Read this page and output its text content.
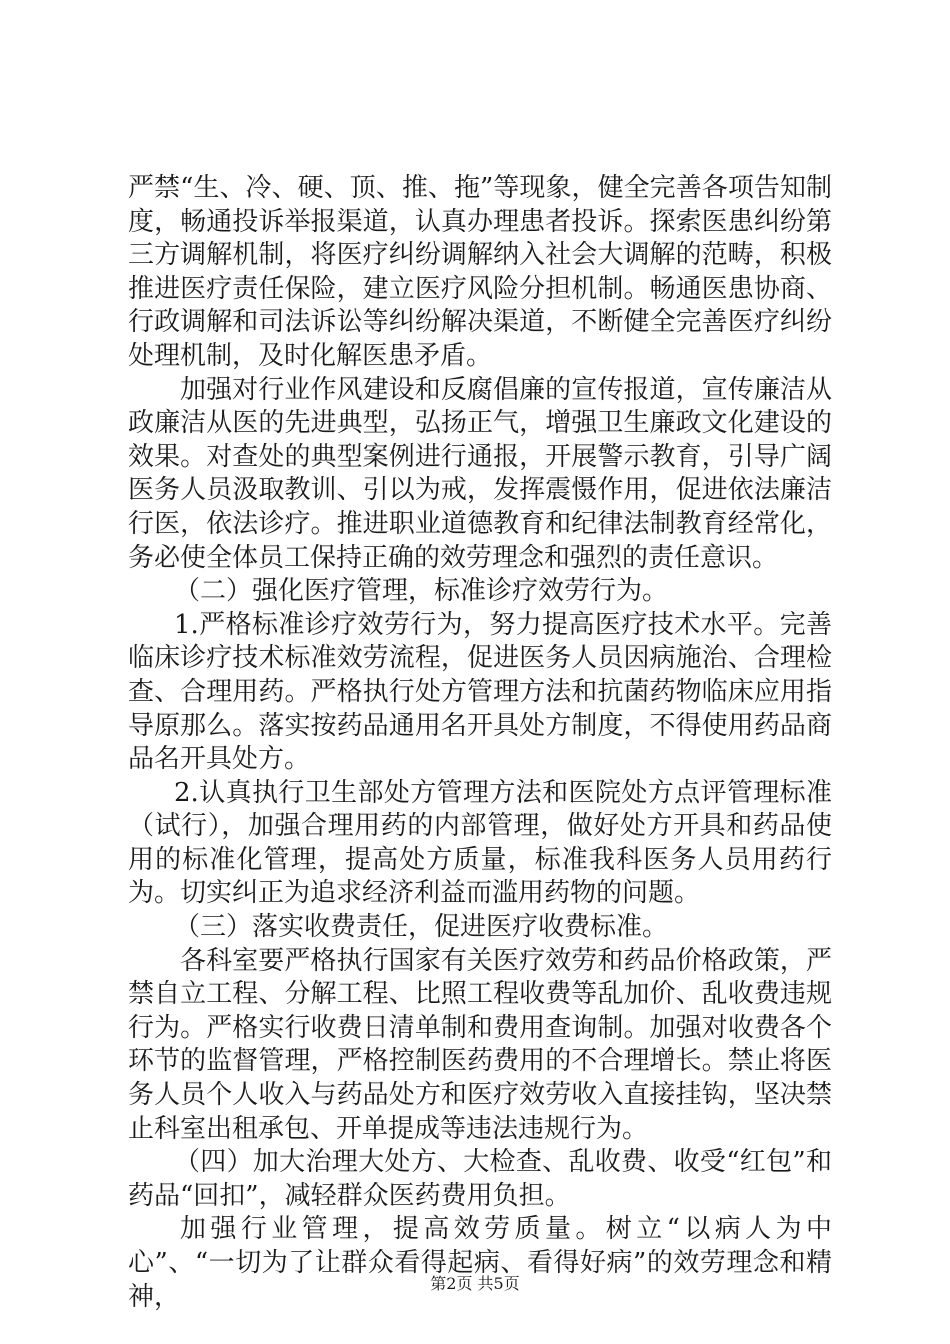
严禁“生、冷、硬、顶、推、拖”等现象，健全完善各项告知制度，畅通投诉举报渠道，认真办理患者投诉。探索医患纠纷第三方调解机制，将医疗纠纷调解纳入社会大调解的范畴，积极推进医疗责任保险，建立医疗风险分担机制。畅通医患协商、行政调解和司法诉讼等纠纷解决渠道，不断健全完善医疗纠纷处理机制，及时化解医患矛盾。

加强对行业作风建设和反腐倡廉的宣传报道，宣传廉洁从政廉洁从医的先进典型，弘扬正气，增强卫生廉政文化建设的效果。对查处的典型案例进行通报，开展警示教育，引导广阔医务人员汲取教训、引以为戒，发挥震慑作用，促进依法廉洁行医，依法诊疗。推进职业道德教育和纪律法制教育经常化，务必使全体员工保持正确的效劳理念和强烈的责任意识。

（二）强化医疗管理，标准诊疗效劳行为。

1.严格标准诊疗效劳行为，努力提高医疗技术水平。完善临床诊疗技术标准效劳流程，促进医务人员因病施治、合理检查、合理用药。严格执行处方管理方法和抗菌药物临床应用指导原那么。落实按药品通用名开具处方制度，不得使用药品商品名开具处方。

2.认真执行卫生部处方管理方法和医院处方点评管理标准（试行），加强合理用药的内部管理，做好处方开具和药品使用的标准化管理，提高处方质量，标准我科医务人员用药行为。切实纠正为追求经济利益而滥用药物的问题。

（三）落实收费责任，促进医疗收费标准。

各科室要严格执行国家有关医疗效劳和药品价格政策，严禁自立工程、分解工程、比照工程收费等乱加价、乱收费违规行为。严格实行收费日清单制和费用查询制。加强对收费各个环节的监督管理，严格控制医药费用的不合理增长。禁止将医务人员个人收入与药品处方和医疗效劳收入直接挂钩，坚决禁止科室出租承包、开单提成等违法违规行为。

（四）加大治理大处方、大检查、乱收费、收受“红包”和药品“回扣”，减轻群众医药费用负担。

加强行业管理，提高效劳质量。树立“以病人为中心”、“一切为了让群众看得起病、看得好病”的效劳理念和精神，	第2页 共5页
